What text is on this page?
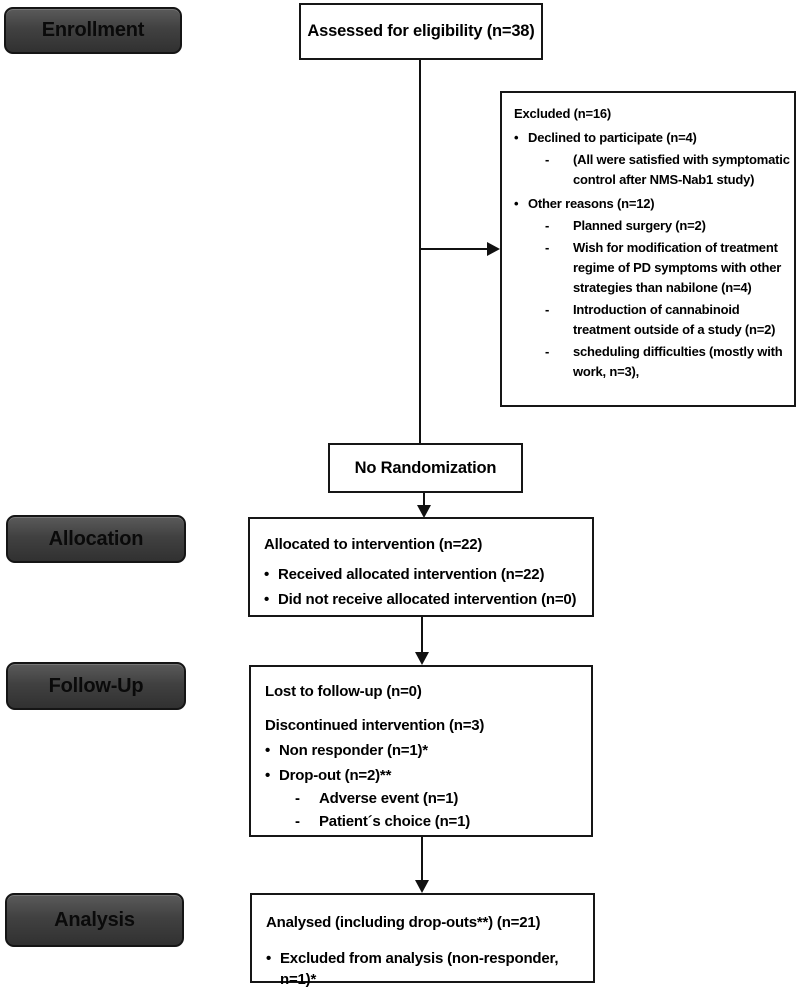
Enrollment
Allocation
Follow-Up
Analysis
Assessed for eligibility (n=38)
Excluded (n=16)
• Declined to participate (n=4)
- (All were satisfied with symptomatic control after NMS-Nab1 study)
• Other reasons (n=12)
- Planned surgery (n=2)
- Wish for modification of treatment regime of PD symptoms with other strategies than nabilone (n=4)
- Introduction of cannabinoid treatment outside of a study (n=2)
- scheduling difficulties (mostly with work, n=3),
No Randomization
Allocated to intervention (n=22)
• Received allocated intervention (n=22)
• Did not receive allocated intervention (n=0)
Lost to follow-up (n=0)
Discontinued intervention (n=3)
• Non responder (n=1)*
• Drop-out (n=2)**
- Adverse event (n=1)
- Patient´s choice (n=1)
Analysed (including drop-outs**) (n=21)
• Excluded from analysis (non-responder, n=1)*
